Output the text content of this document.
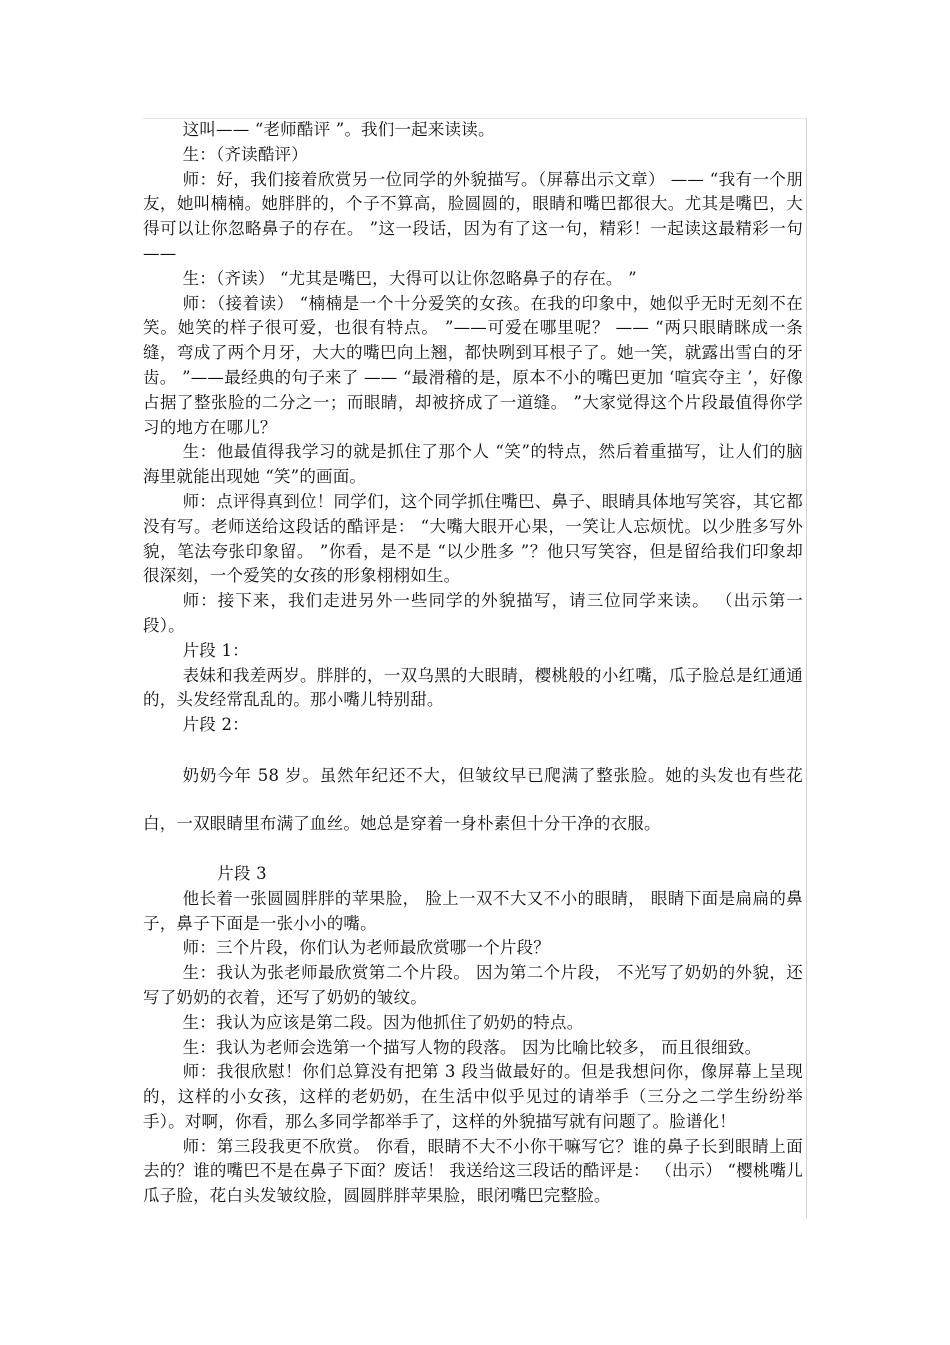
这叫—— “老师酷评 ”。我们一起来读读。

生：（齐读酷评）

师：好，我们接着欣赏另一位同学的外貌描写。（屏幕出示文章） —— “我有一个朋友，她叫楠楠。她胖胖的，个子不算高，脸圆圆的，眼睛和嘴巴都很大。尤其是嘴巴，大得可以让你忽略鼻子的存在。 ”这一段话，因为有了这一句，精彩！一起读这最精彩一句 ——

生：（齐读） “尤其是嘴巴，大得可以让你忽略鼻子的存在。 ”

师：（接着读） “楠楠是一个十分爱笑的女孩。在我的印象中，她似乎无时无刻不在笑。她笑的样子很可爱，也很有特点。 ”——可爱在哪里呢？ —— “两只眼睛眯成一条缝，弯成了两个月牙，大大的嘴巴向上翘，都快咧到耳根子了。她一笑，就露出雪白的牙齿。 ”——最经典的句子来了 —— “最滑稽的是，原本不小的嘴巴更加 ‘喧宾夺主 ’，好像占据了整张脸的二分之一；而眼睛，却被挤成了一道缝。 ”大家觉得这个片段最值得你学习的地方在哪儿？

生：他最值得我学习的就是抓住了那个人 “笑”的特点，然后着重描写，让人们的脑海里就能出现她 “笑”的画面。

师：点评得真到位！同学们，这个同学抓住嘴巴、鼻子、眼睛具体地写笑容，其它都没有写。老师送给这段话的酷评是： “大嘴大眼开心果，一笑让人忘烦忧。以少胜多写外貌，笔法夸张印象留。 ”你看，是不是 “以少胜多 ”？他只写笑容，但是留给我们印象却很深刻，一个爱笑的女孩的形象栩栩如生。

师：接下来，我们走进另外一些同学的外貌描写，请三位同学来读。 （出示第一段）。

片段 1：

表妹和我差两岁。胖胖的，一双乌黑的大眼睛，樱桃般的小红嘴，瓜子脸总是红通通的，头发经常乱乱的。那小嘴儿特别甜。

片段 2：

奶奶今年 58 岁。虽然年纪还不大，但皱纹早已爬满了整张脸。她的头发也有些花白，一双眼睛里布满了血丝。她总是穿着一身朴素但十分干净的衣服。

片段 3

他长着一张圆圆胖胖的苹果脸， 脸上一双不大又不小的眼睛， 眼睛下面是扁扁的鼻子，鼻子下面是一张小小的嘴。

师：三个片段，你们认为老师最欣赏哪一个片段？

生：我认为张老师最欣赏第二个片段。 因为第二个片段， 不光写了奶奶的外貌，还写了奶奶的衣着，还写了奶奶的皱纹。

生：我认为应该是第二段。因为他抓住了奶奶的特点。

生：我认为老师会选第一个描写人物的段落。 因为比喻比较多， 而且很细致。

师：我很欣慰！你们总算没有把第 3 段当做最好的。但是我想问你，像屏幕上呈现的，这样的小女孩，这样的老奶奶，在生活中似乎见过的请举手（三分之二学生纷纷举手）。对啊，你看，那么多同学都举手了，这样的外貌描写就有问题了。脸谱化！

师：第三段我更不欣赏。 你看，眼睛不大不小你干嘛写它？谁的鼻子长到眼睛上面去的？谁的嘴巴不是在鼻子下面？废话！ 我送给这三段话的酷评是： （出示） “樱桃嘴儿瓜子脸，花白头发皱纹脸，圆圆胖胖苹果脸，眼闭嘴巴完整脸。
